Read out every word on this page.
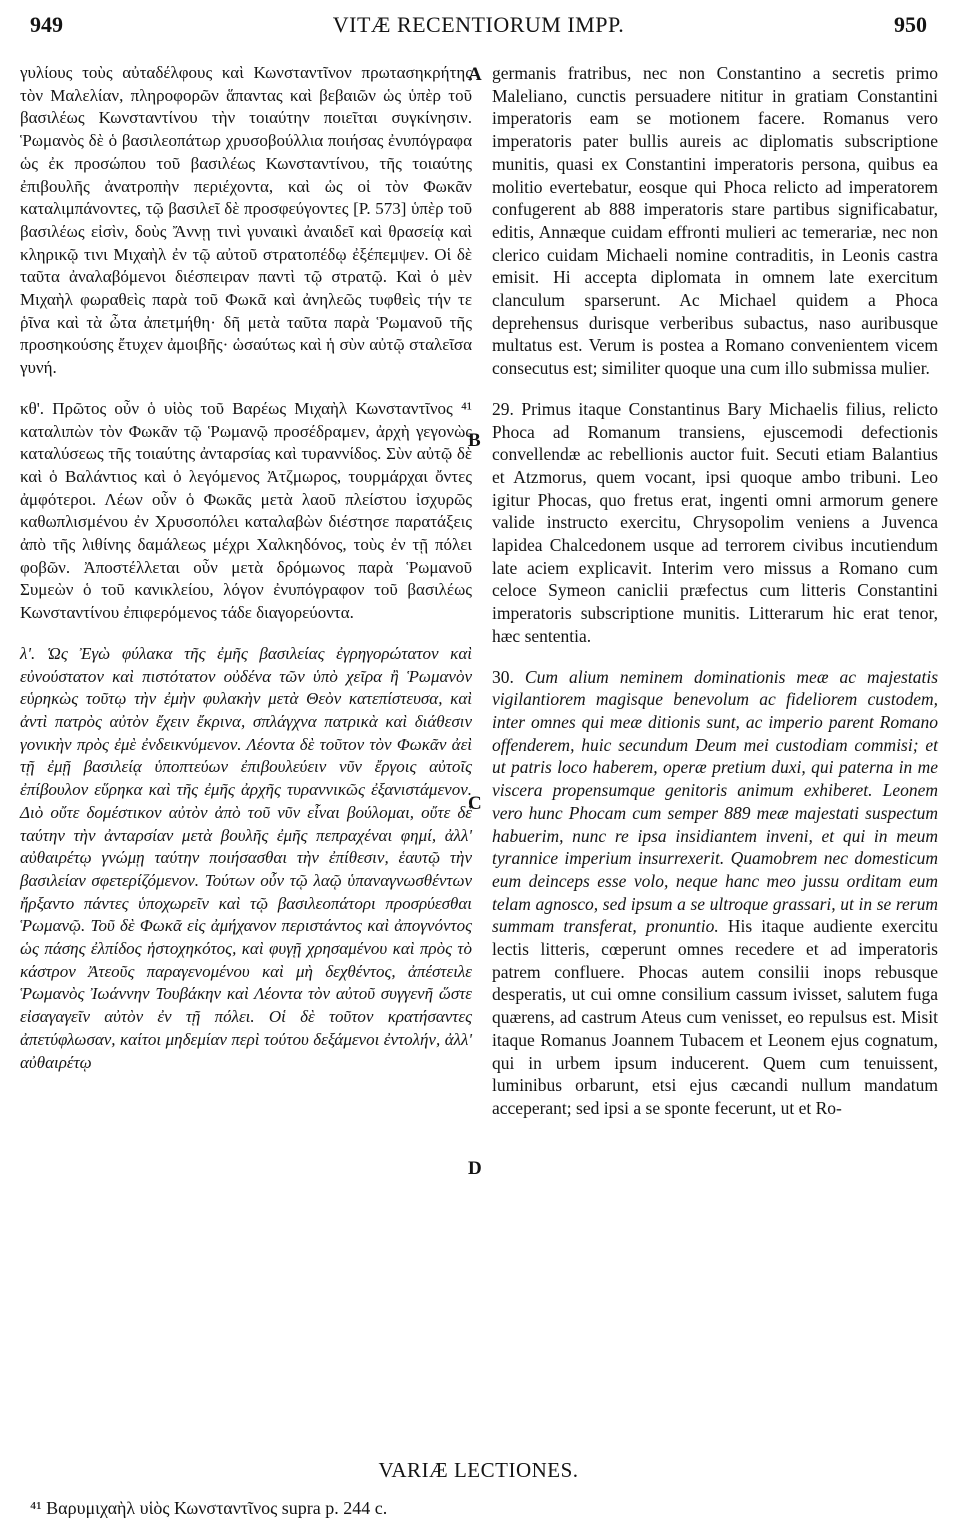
949	VITÆ RECENTIORUM IMPP.	950

γυλίους τοὺς αὐταδέλφους καὶ Κωνσταντῖνον πρωτασηκρήτης τὸν Μαλελίαν, πληροφορῶν ἅπαντας καὶ βεβαιῶν ὡς ὑπὲρ τοῦ βασιλέως Κωνσταντίνου τὴν τοιαύτην ποιεῖται συγκίνησιν. Ῥωμανὸς δὲ ὁ βασιλεοπάτωρ χρυσοβούλλια ποιήσας ἐνυπόγραφα ὡς ἐκ προσώπου τοῦ βασιλέως Κωνσταντίνου, τῆς τοιαύτης ἐπιβουλῆς ἀνατροπὴν περιέχοντα, καὶ ὡς οἱ τὸν Φωκᾶν καταλιμπάνοντες, τῷ βασιλεῖ δὲ προσφεύγοντες [P. 573] ὑπὲρ τοῦ βασιλέως εἰσὶν, δοὺς Ἄννῃ τινὶ γυναικὶ ἀναιδεῖ καὶ θρασείᾳ καὶ κληρικῷ τινι Μιχαὴλ ἐν τῷ αὐτοῦ στρατοπέδῳ ἐξέπεμψεν. Οἱ δὲ ταῦτα ἀναλαβόμενοι διέσπειραν παντὶ τῷ στρατῷ. Καὶ ὁ μὲν Μιχαὴλ φωραθεὶς παρὰ τοῦ Φωκᾶ καὶ ἀνηλεῶς τυφθεὶς τήν τε ῥῖνα καὶ τὰ ὦτα ἀπετμήθη· δῆ μετὰ ταῦτα παρὰ Ῥωμανοῦ τῆς προσηκούσης ἔτυχεν ἀμοιβῆς· ὡσαύτως καὶ ἡ σὺν αὐτῷ σταλεῖσα γυνή.

κθ'. Πρῶτος οὖν ὁ υἱὸς τοῦ Βαρέως Μιχαὴλ Κωνσταντῖνος ⁴¹ καταλιπὼν τὸν Φωκᾶν τῷ Ῥωμανῷ προσέδραμεν, ἀρχὴ γεγονὼς καταλύσεως τῆς τοιαύτης ἀνταρσίας καὶ τυραννίδος. Σὺν αὐτῷ δὲ καὶ ὁ Βαλάντιος καὶ ὁ λεγόμενος Ἀτζμωρος, τουρμάρχαι ὄντες ἀμφότεροι. Λέων οὖν ὁ Φωκᾶς μετὰ λαοῦ πλείστου ἰσχυρῶς καθωπλισμένου ἐν Χρυσοπόλει καταλαβὼν διέστησε παρατάξεις ἀπὸ τῆς λιθίνης δαμάλεως μέχρι Χαλκηδόνος, τοὺς ἐν τῇ πόλει φοβῶν. Ἀποστέλλεται οὖν μετὰ δρόμωνος παρὰ Ῥωμανοῦ Συμεὼν ὁ τοῦ κανικλείου, λόγον ἐνυπόγραφον τοῦ βασιλέως Κωνσταντίνου ἐπιφερόμενος τάδε διαγορεύοντα.

λ'. Ὡς Ἐγὼ φύλακα τῆς ἐμῆς βασιλείας ἐγρηγορώτατον καὶ εὐνούστατον καὶ πιστότατον οὐδένα τῶν ὑπὸ χεῖρα ἢ Ῥωμανὸν εὑρηκὼς τοῦτῳ τὴν ἐμὴν φυλακὴν μετὰ Θεὸν κατεπίστευσα, καὶ ἀντὶ πατρὸς αὐτὸν ἔχειν ἔκρινα, σπλάγχνα πατρικὰ καὶ διάθεσιν γονικὴν πρὸς ἐμὲ ἐνδεικνύμενον. Λέοντα δὲ τοῦτον τὸν Φωκᾶν ἀεὶ τῇ ἐμῇ βασιλείᾳ ὑποπτεύων ἐπιβουλεύειν νῦν ἔργοις αὐτοῖς ἐπίβουλον εὕρηκα καὶ τῆς ἐμῆς ἀρχῆς τυραννικῶς ἐξανιστάμενον. Διὸ οὔτε δομέστικον αὐτὸν ἀπὸ τοῦ νῦν εἶναι βούλομαι, οὔτε δὲ ταύτην τὴν ἀνταρσίαν μετὰ βουλῆς ἐμῆς πεπραχέναι φημί, ἀλλ' αὐθαιρέτῳ γνώμῃ ταύτην ποιήσασθαι τὴν ἐπίθεσιν, ἑαυτῷ τὴν βασιλείαν σφετερίζόμενον. Τούτων οὖν τῷ λαῷ ὑπαναγνωσθέντων ἤρξαντο πάντες ὑποχωρεῖν καὶ τῷ βασιλεοπάτορι προσρύεσθαι Ῥωμανῷ. Τοῦ δὲ Φωκᾶ εἰς ἀμήχανον περιστάντος καὶ ἀπογνόντος ὡς πάσης ἐλπίδος ἡστοχηκότος, καὶ φυγῇ χρησαμένου καὶ πρὸς τὸ κάστρον Ἀτεοῦς παραγενομένου καὶ μὴ δεχθέντος, ἀπέστειλε Ῥωμανὸς Ἰωάννην Τουβάκην καὶ Λέοντα τὸν αὐτοῦ συγγενῆ ὥστε εἰσαγαγεῖν αὐτὸν ἐν τῇ πόλει. Οἱ δὲ τοῦτον κρατήσαντες ἀπετύφλωσαν, καίτοι μηδεμίαν περὶ τούτου δεξάμενοι ἐντολήν, ἀλλ' αὐθαιρέτῳ

germanis fratribus, nec non Constantino a secretis primo Maleliano, cunctis persuadere nititur in gratiam Constantini imperatoris eam se motionem facere. Romanus vero imperatoris pater bullis aureis ac diplomatis subscriptione munitis, quasi ex Constantini imperatoris persona, quibus ea molitio evertebatur, eosque qui Phoca relicto ad imperatorem confugerent ab 888 imperatoris stare partibus significabatur, editis, Annæque cuidam effronti mulieri ac temerariæ, nec non clerico cuidam Michaeli nomine contraditis, in Leonis castra emisit. Hi accepta diplomata in omnem late exercitum clanculum sparserunt. Ac Michael quidem a Phoca deprehensus durisque verberibus subactus, naso auribusque multatus est. Verum is postea a Romano convenientem vicem consecutus est; similiter quoque una cum illo submissa mulier.

29. Primus itaque Constantinus Bary Michaelis filius, relicto Phoca ad Romanum transiens, ejuscemodi defectionis convellendæ ac rebellionis auctor fuit. Secuti etiam Balantius et Atzmorus, quem vocant, ipsi quoque ambo tribuni. Leo igitur Phocas, quo fretus erat, ingenti omni armorum genere valide instructo exercitu, Chrysopolim veniens a Juvenca lapidea Chalcedonem usque ad terrorem civibus incutiendum late aciem explicavit. Interim vero missus a Romano cum celoce Symeon caniclii præfectus cum litteris Constantini imperatoris subscriptione munitis. Litterarum hic erat tenor, hæc sententia.

30. Cum alium neminem dominationis meæ ac majestatis vigilantiorem magisque benevolum ac fideliorem custodem, inter omnes qui meæ ditionis sunt, ac imperio parent Romano offenderem, huic secundum Deum mei custodiam commisi; et ut patris loco haberem, operæ pretium duxi, qui paterna in me viscera propensumque genitoris animum exhiberet. Leonem vero hunc Phocam cum semper 889 meæ majestati suspectum habuerim, nunc re ipsa insidiantem inveni, et qui in meum tyrannice imperium insurrexerit. Quamobrem nec domesticum eum deinceps esse volo, neque hanc meo jussu orditam eum telam agnosco, sed ipsum a se ultroque grassari, ut in se rerum summam transferat, pronuntio. His itaque audiente exercitu lectis litteris, cœperunt omnes recedere et ad imperatoris patrem confluere. Phocas autem consilii inops rebusque desperatis, ut cui omne consilium cassum ivisset, salutem fuga quærens, ad castrum Ateus cum venisset, eo repulsus est. Misit itaque Romanus Joannem Tubacem et Leonem ejus cognatum, qui in urbem ipsum inducerent. Quem cum tenuissent, luminibus orbarunt, etsi ejus cæcandi nullum mandatum acceperant; sed ipsi a se sponte fecerunt, ut et Ro-

A
B
C
D
VARIÆ LECTIONES.
⁴¹ Βαρυμιχαὴλ υἱὸς Κωνσταντῖνος supra p. 244 c.
